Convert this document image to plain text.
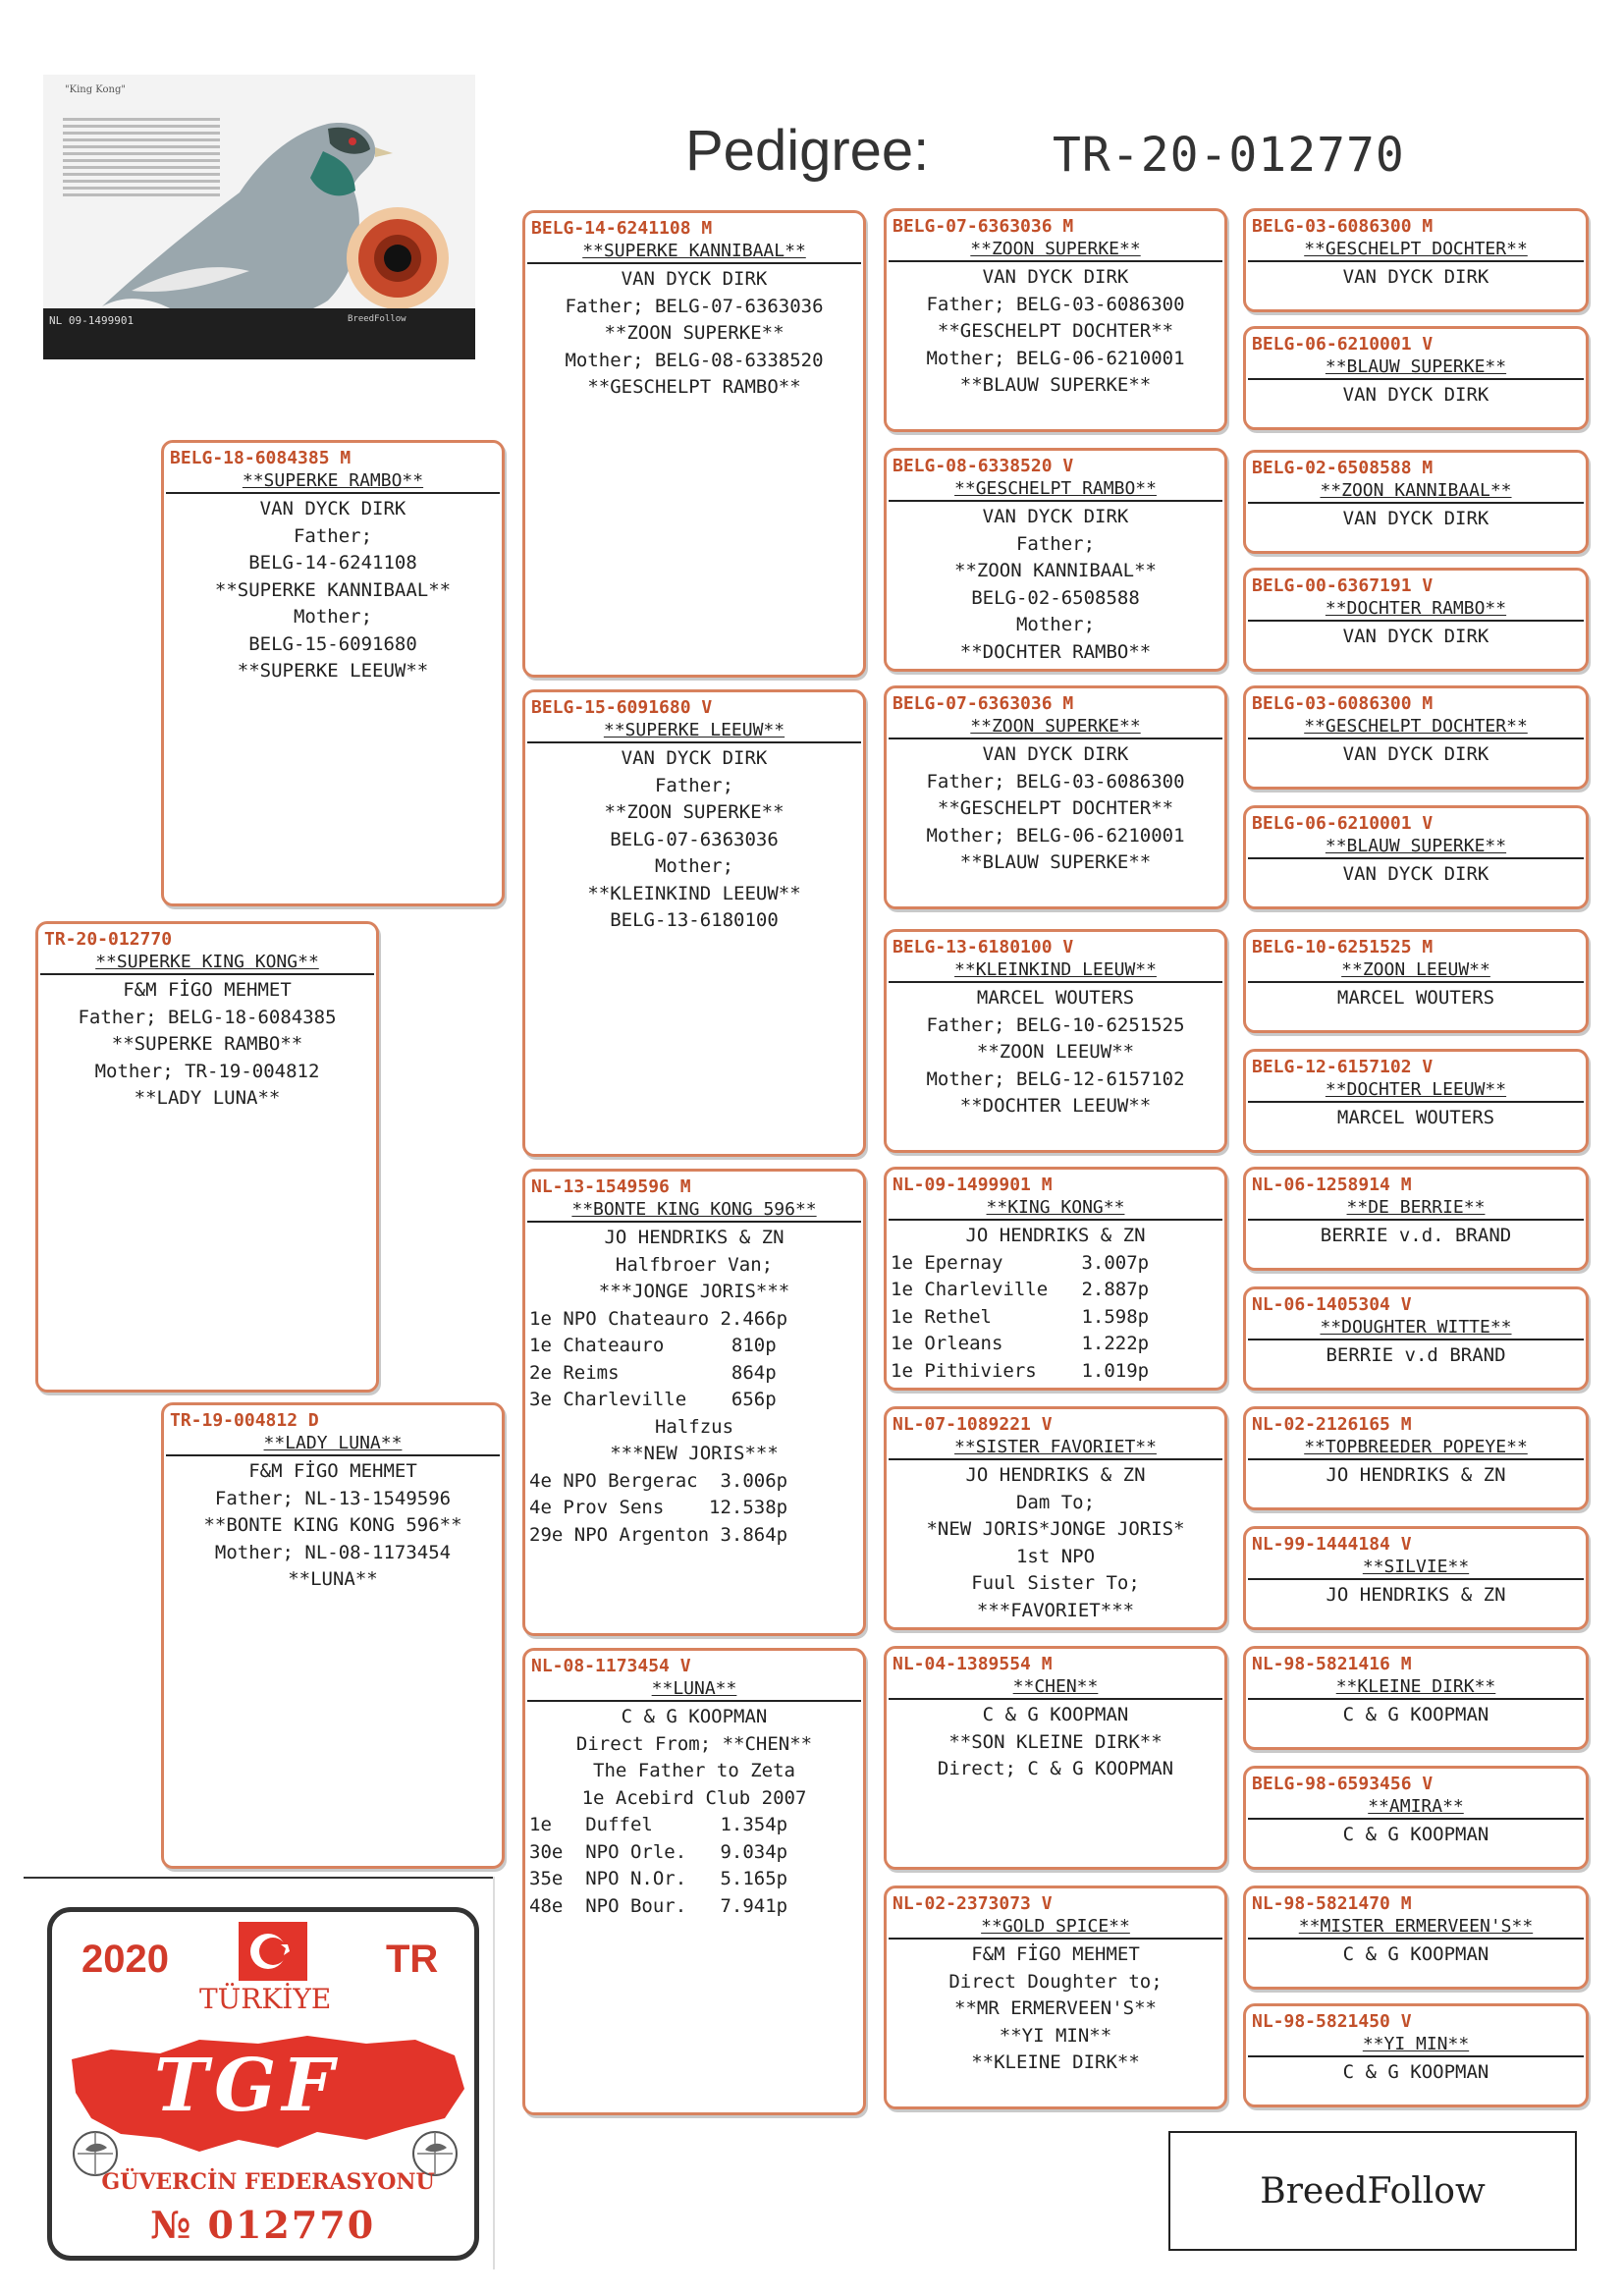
Pedigree:	TR-20-012770
"King Kong"
NL 09-1499901	BreedFollow
TR-20-012770
**SUPERKE KING KONG**
F&M FİGO MEHMET
Father; BELG-18-6084385
**SUPERKE RAMBO**
Mother; TR-19-004812
**LADY LUNA**
BELG-18-6084385 M
**SUPERKE RAMBO**
VAN DYCK DIRK
Father;
BELG-14-6241108
**SUPERKE KANNIBAAL**
Mother;
BELG-15-6091680
**SUPERKE LEEUW**
TR-19-004812 D
**LADY LUNA**
F&M FİGO MEHMET
Father; NL-13-1549596
**BONTE KING KONG 596**
Mother; NL-08-1173454
**LUNA**
BELG-14-6241108 M
**SUPERKE KANNIBAAL**
VAN DYCK DIRK
Father; BELG-07-6363036
**ZOON SUPERKE**
Mother; BELG-08-6338520
**GESCHELPT RAMBO**
BELG-15-6091680 V
**SUPERKE LEEUW**
VAN DYCK DIRK
Father;
**ZOON SUPERKE**
BELG-07-6363036
Mother;
**KLEINKIND LEEUW**
BELG-13-6180100
NL-13-1549596 M
**BONTE KING KONG 596**
JO HENDRIKS & ZN
Halfbroer Van;
***JONGE JORIS***
1e NPO Chateauro 2.466p
1e Chateauro      810p
2e Reims          864p
3e Charleville    656p
Halfzus
***NEW JORIS***
4e NPO Bergerac  3.006p
4e Prov Sens    12.538p
29e NPO Argenton 3.864p
NL-08-1173454 V
**LUNA**
C & G KOOPMAN
Direct From; **CHEN**
The Father to Zeta
1e Acebird Club 2007
1e   Duffel      1.354p
30e  NPO Orle.   9.034p
35e  NPO N.Or.   5.165p
48e  NPO Bour.   7.941p
BELG-07-6363036 M
**ZOON SUPERKE**
VAN DYCK DIRK
Father; BELG-03-6086300
**GESCHELPT DOCHTER**
Mother; BELG-06-6210001
**BLAUW SUPERKE**
BELG-08-6338520 V
**GESCHELPT RAMBO**
VAN DYCK DIRK
Father;
**ZOON KANNIBAAL**
BELG-02-6508588
Mother;
**DOCHTER RAMBO**
BELG-07-6363036 M
**ZOON SUPERKE**
VAN DYCK DIRK
Father; BELG-03-6086300
**GESCHELPT DOCHTER**
Mother; BELG-06-6210001
**BLAUW SUPERKE**
BELG-13-6180100 V
**KLEINKIND LEEUW**
MARCEL WOUTERS
Father; BELG-10-6251525
**ZOON LEEUW**
Mother; BELG-12-6157102
**DOCHTER LEEUW**
NL-09-1499901 M
**KING KONG**
JO HENDRIKS & ZN
1e Epernay       3.007p
1e Charleville   2.887p
1e Rethel        1.598p
1e Orleans       1.222p
1e Pithiviers    1.019p
NL-07-1089221 V
**SISTER FAVORIET**
JO HENDRIKS & ZN
Dam To;
*NEW JORIS*JONGE JORIS*
1st NPO
Fuul Sister To;
***FAVORIET***
NL-04-1389554 M
**CHEN**
C & G KOOPMAN
**SON KLEINE DIRK**
Direct; C & G KOOPMAN
NL-02-2373073 V
**GOLD SPICE**
F&M FİGO MEHMET
Direct Doughter to;
**MR ERMERVEEN'S**
**YI MIN**
**KLEINE DIRK**
BELG-03-6086300 M
**GESCHELPT DOCHTER**
VAN DYCK DIRK
BELG-06-6210001 V
**BLAUW SUPERKE**
VAN DYCK DIRK
BELG-02-6508588 M
**ZOON KANNIBAAL**
VAN DYCK DIRK
BELG-00-6367191 V
**DOCHTER RAMBO**
VAN DYCK DIRK
BELG-03-6086300 M
**GESCHELPT DOCHTER**
VAN DYCK DIRK
BELG-06-6210001 V
**BLAUW SUPERKE**
VAN DYCK DIRK
BELG-10-6251525 M
**ZOON LEEUW**
MARCEL WOUTERS
BELG-12-6157102 V
**DOCHTER LEEUW**
MARCEL WOUTERS
NL-06-1258914 M
**DE BERRIE**
BERRIE v.d. BRAND
NL-06-1405304 V
**DOUGHTER WITTE**
BERRIE v.d BRAND
NL-02-2126165 M
**TOPBREEDER POPEYE**
JO HENDRIKS & ZN
NL-99-1444184 V
**SILVIE**
JO HENDRIKS & ZN
NL-98-5821416 M
**KLEINE DIRK**
C & G KOOPMAN
BELG-98-6593456 V
**AMIRA**
C & G KOOPMAN
NL-98-5821470 M
**MISTER ERMERVEEN'S**
C & G KOOPMAN
NL-98-5821450 V
**YI MIN**
C & G KOOPMAN
2020	TR
TÜRKİYE
TGF
GÜVERCİN FEDERASYONU
№ 012770
BreedFollow
